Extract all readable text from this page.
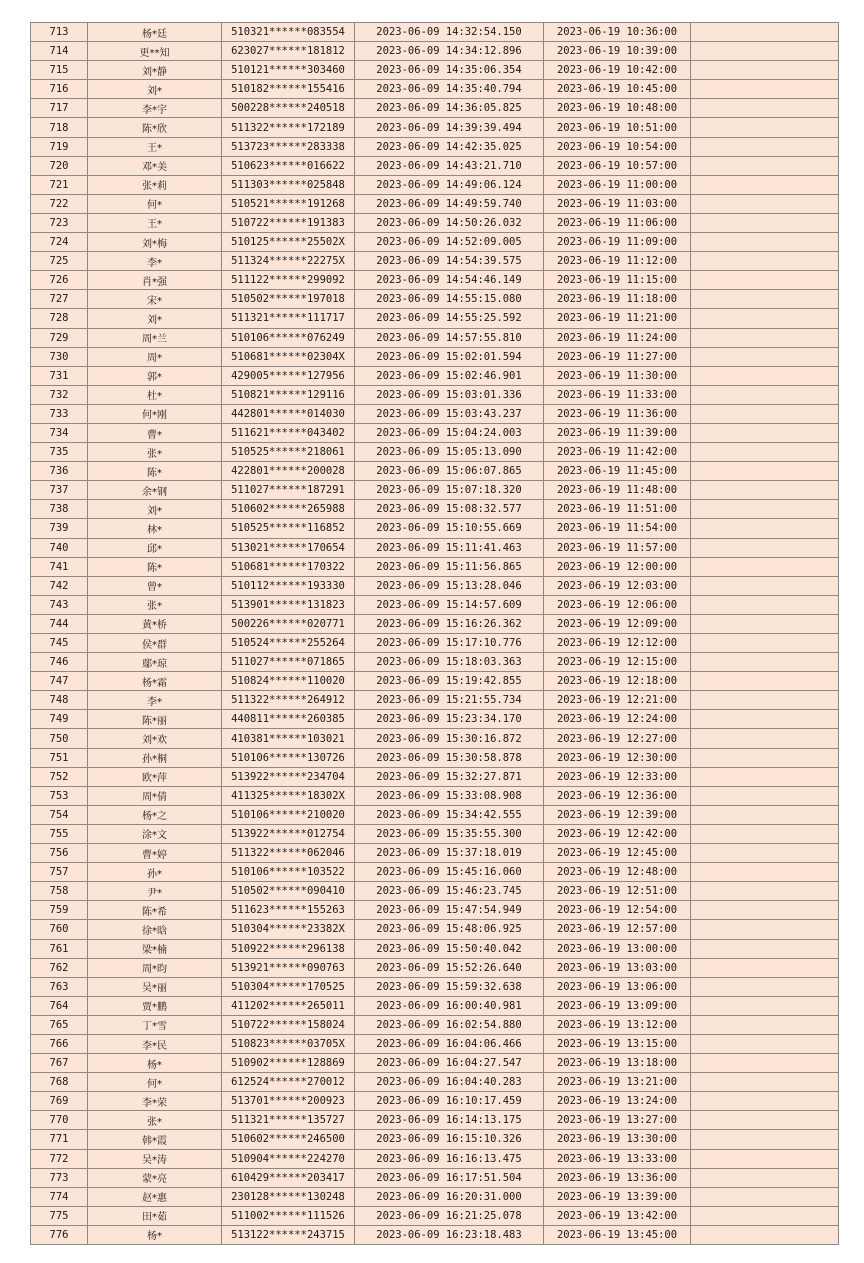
713	杨*廷	510321******083554	2023-06-09 14:32:54.150	2023-06-19 10:36:00	
714	更**知	623027******181812	2023-06-09 14:34:12.896	2023-06-19 10:39:00	
715	刘*静	510121******303460	2023-06-09 14:35:06.354	2023-06-19 10:42:00	
716	刘*	510182******155416	2023-06-09 14:35:40.794	2023-06-19 10:45:00	
717	李*宇	500228******240518	2023-06-09 14:36:05.825	2023-06-19 10:48:00	
718	陈*欣	511322******172189	2023-06-09 14:39:39.494	2023-06-19 10:51:00	
719	王*	513723******283338	2023-06-09 14:42:35.025	2023-06-19 10:54:00	
720	邓*美	510623******016622	2023-06-09 14:43:21.710	2023-06-19 10:57:00	
721	张*莉	511303******025848	2023-06-09 14:49:06.124	2023-06-19 11:00:00	
722	何*	510521******191268	2023-06-09 14:49:59.740	2023-06-19 11:03:00	
723	王*	510722******191383	2023-06-09 14:50:26.032	2023-06-19 11:06:00	
724	刘*梅	510125******25502X	2023-06-09 14:52:09.005	2023-06-19 11:09:00	
725	李*	511324******22275X	2023-06-09 14:54:39.575	2023-06-19 11:12:00	
726	肖*强	511122******299092	2023-06-09 14:54:46.149	2023-06-19 11:15:00	
727	宋*	510502******197018	2023-06-09 14:55:15.080	2023-06-19 11:18:00	
728	刘*	511321******111717	2023-06-09 14:55:25.592	2023-06-19 11:21:00	
729	周*兰	510106******076249	2023-06-09 14:57:55.810	2023-06-19 11:24:00	
730	周*	510681******02304X	2023-06-09 15:02:01.594	2023-06-19 11:27:00	
731	郭*	429005******127956	2023-06-09 15:02:46.901	2023-06-19 11:30:00	
732	杜*	510821******129116	2023-06-09 15:03:01.336	2023-06-19 11:33:00	
733	何*刚	442801******014030	2023-06-09 15:03:43.237	2023-06-19 11:36:00	
734	曹*	511621******043402	2023-06-09 15:04:24.003	2023-06-19 11:39:00	
735	张*	510525******218061	2023-06-09 15:05:13.090	2023-06-19 11:42:00	
736	陈*	422801******200028	2023-06-09 15:06:07.865	2023-06-19 11:45:00	
737	余*钢	511027******187291	2023-06-09 15:07:18.320	2023-06-19 11:48:00	
738	刘*	510602******265988	2023-06-09 15:08:32.577	2023-06-19 11:51:00	
739	林*	510525******116852	2023-06-09 15:10:55.669	2023-06-19 11:54:00	
740	邱*	513021******170654	2023-06-09 15:11:41.463	2023-06-19 11:57:00	
741	陈*	510681******170322	2023-06-09 15:11:56.865	2023-06-19 12:00:00	
742	曾*	510112******193330	2023-06-09 15:13:28.046	2023-06-19 12:03:00	
743	张*	513901******131823	2023-06-09 15:14:57.609	2023-06-19 12:06:00	
744	黄*桥	500226******020771	2023-06-09 15:16:26.362	2023-06-19 12:09:00	
745	侯*群	510524******255264	2023-06-09 15:17:10.776	2023-06-19 12:12:00	
746	鄢*琼	511027******071865	2023-06-09 15:18:03.363	2023-06-19 12:15:00	
747	杨*霜	510824******110020	2023-06-09 15:19:42.855	2023-06-19 12:18:00	
748	李*	511322******264912	2023-06-09 15:21:55.734	2023-06-19 12:21:00	
749	陈*丽	440811******260385	2023-06-09 15:23:34.170	2023-06-19 12:24:00	
750	刘*欢	410381******103021	2023-06-09 15:30:16.872	2023-06-19 12:27:00	
751	孙*桐	510106******130726	2023-06-09 15:30:58.878	2023-06-19 12:30:00	
752	欧*萍	513922******234704	2023-06-09 15:32:27.871	2023-06-19 12:33:00	
753	周*倩	411325******18302X	2023-06-09 15:33:08.908	2023-06-19 12:36:00	
754	杨*之	510106******210020	2023-06-09 15:34:42.555	2023-06-19 12:39:00	
755	涂*文	513922******012754	2023-06-09 15:35:55.300	2023-06-19 12:42:00	
756	曹*婷	511322******062046	2023-06-09 15:37:18.019	2023-06-19 12:45:00	
757	孙*	510106******103522	2023-06-09 15:45:16.060	2023-06-19 12:48:00	
758	尹*	510502******090410	2023-06-09 15:46:23.745	2023-06-19 12:51:00	
759	陈*希	511623******155263	2023-06-09 15:47:54.949	2023-06-19 12:54:00	
760	徐*晗	510304******23382X	2023-06-09 15:48:06.925	2023-06-19 12:57:00	
761	梁*楠	510922******296138	2023-06-09 15:50:40.042	2023-06-19 13:00:00	
762	周*昀	513921******090763	2023-06-09 15:52:26.640	2023-06-19 13:03:00	
763	吴*丽	510304******170525	2023-06-09 15:59:32.638	2023-06-19 13:06:00	
764	贾*鹏	411202******265011	2023-06-09 16:00:40.981	2023-06-19 13:09:00	
765	丁*雪	510722******158024	2023-06-09 16:02:54.880	2023-06-19 13:12:00	
766	李*民	510823******03705X	2023-06-09 16:04:06.466	2023-06-19 13:15:00	
767	杨*	510902******128869	2023-06-09 16:04:27.547	2023-06-19 13:18:00	
768	何*	612524******270012	2023-06-09 16:04:40.283	2023-06-19 13:21:00	
769	李*荣	513701******200923	2023-06-09 16:10:17.459	2023-06-19 13:24:00	
770	张*	511321******135727	2023-06-09 16:14:13.175	2023-06-19 13:27:00	
771	韩*霞	510602******246500	2023-06-09 16:15:10.326	2023-06-19 13:30:00	
772	吴*涛	510904******224270	2023-06-09 16:16:13.475	2023-06-19 13:33:00	
773	蒙*亮	610429******203417	2023-06-09 16:17:51.504	2023-06-19 13:36:00	
774	赵*惠	230128******130248	2023-06-09 16:20:31.000	2023-06-19 13:39:00	
775	田*茹	511002******111526	2023-06-09 16:21:25.078	2023-06-19 13:42:00	
776	杨*	513122******243715	2023-06-09 16:23:18.483	2023-06-19 13:45:00	
